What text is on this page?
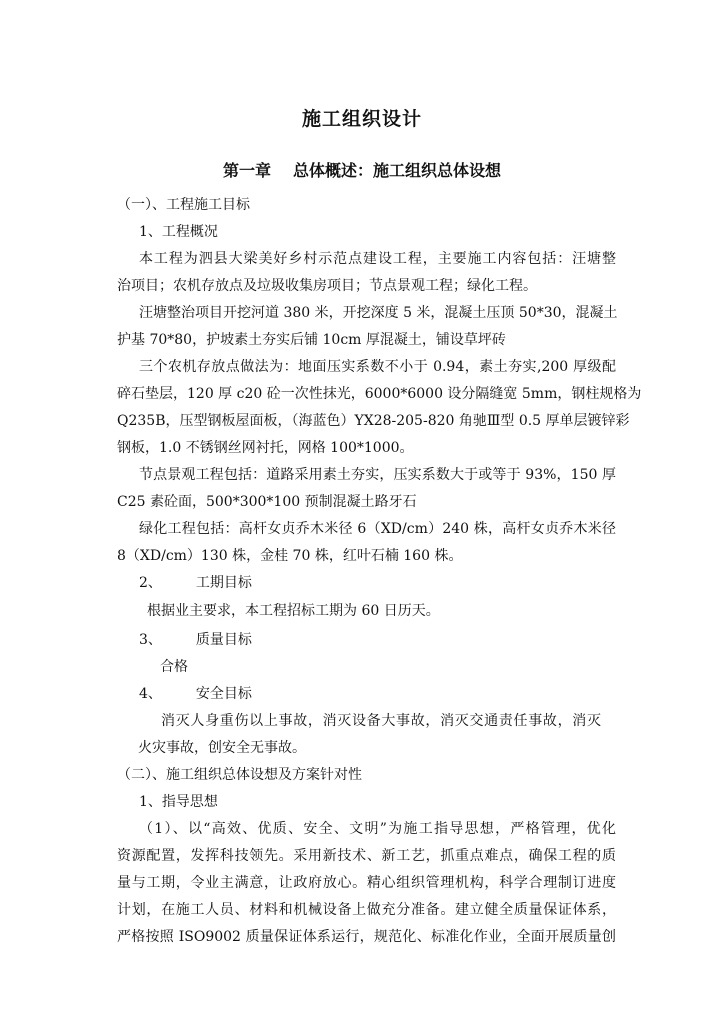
施工组织设计
第一章 总体概述：施工组织总体设想
（一）、工程施工目标
1、工程概况
本工程为泗县大梁美好乡村示范点建设工程，主要施工内容包括：汪塘整
治项目；农机存放点及垃圾收集房项目；节点景观工程；绿化工程。
汪塘整治项目开挖河道 380 米，开挖深度 5 米，混凝土压顶 50*30，混凝土
护基 70*80，护坡素土夯实后铺 10cm 厚混凝土，铺设草坪砖
三个农机存放点做法为：地面压实系数不小于 0.94，素土夯实,200 厚级配
碎石垫层，120 厚 c20 砼一次性抹光，6000*6000 设分隔缝宽 5mm，钢柱规格为
Q235B，压型钢板屋面板，（海蓝色）YX28-205-820 角驰Ⅲ型 0.5 厚单层镀锌彩
钢板，1.0 不锈钢丝网衬托，网格 100*1000。
节点景观工程包括：道路采用素土夯实，压实系数大于或等于 93%，150 厚
C25 素砼面，500*300*100 预制混凝土路牙石
绿化工程包括：高杆女贞乔木米径 6（XD/cm）240 株，高杆女贞乔木米径
8（XD/cm）130 株，金桂 70 株，红叶石楠 160 株。
2、 工期目标
根据业主要求，本工程招标工期为 60 日历天。
3、 质量目标
合格
4、 安全目标
消灭人身重伤以上事故，消灭设备大事故，消灭交通责任事故，消灭
火灾事故，创安全无事故。
（二）、施工组织总体设想及方案针对性
1、指导思想
（1）、以“高效、优质、安全、文明”为施工指导思想，严格管理，优化
资源配置，发挥科技领先。采用新技术、新工艺，抓重点难点，确保工程的质
量与工期，令业主满意，让政府放心。精心组织管理机构，科学合理制订进度
计划，在施工人员、材料和机械设备上做充分准备。建立健全质量保证体系，
严格按照 ISO9002 质量保证体系运行，规范化、标准化作业，全面开展质量创
